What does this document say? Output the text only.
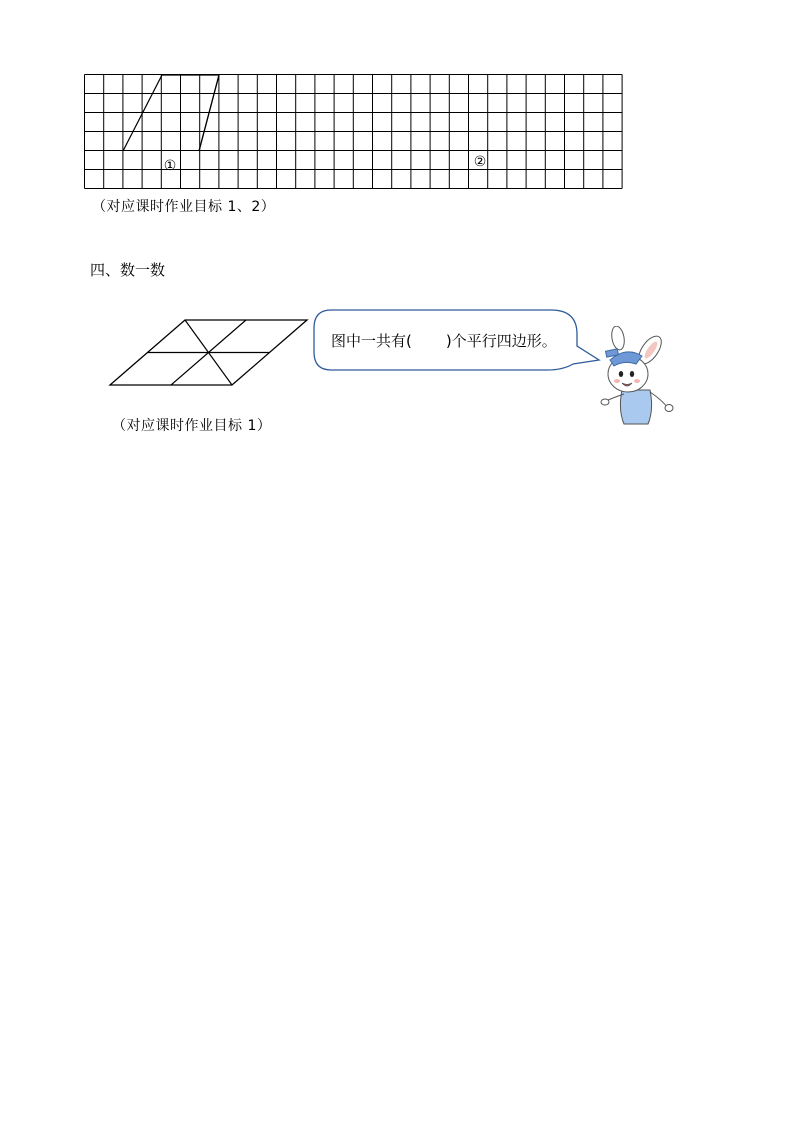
①	②
（对应课时作业目标 1、2）
四、数一数
（对应课时作业目标 1）
图中一共有( )个平行四边形。
